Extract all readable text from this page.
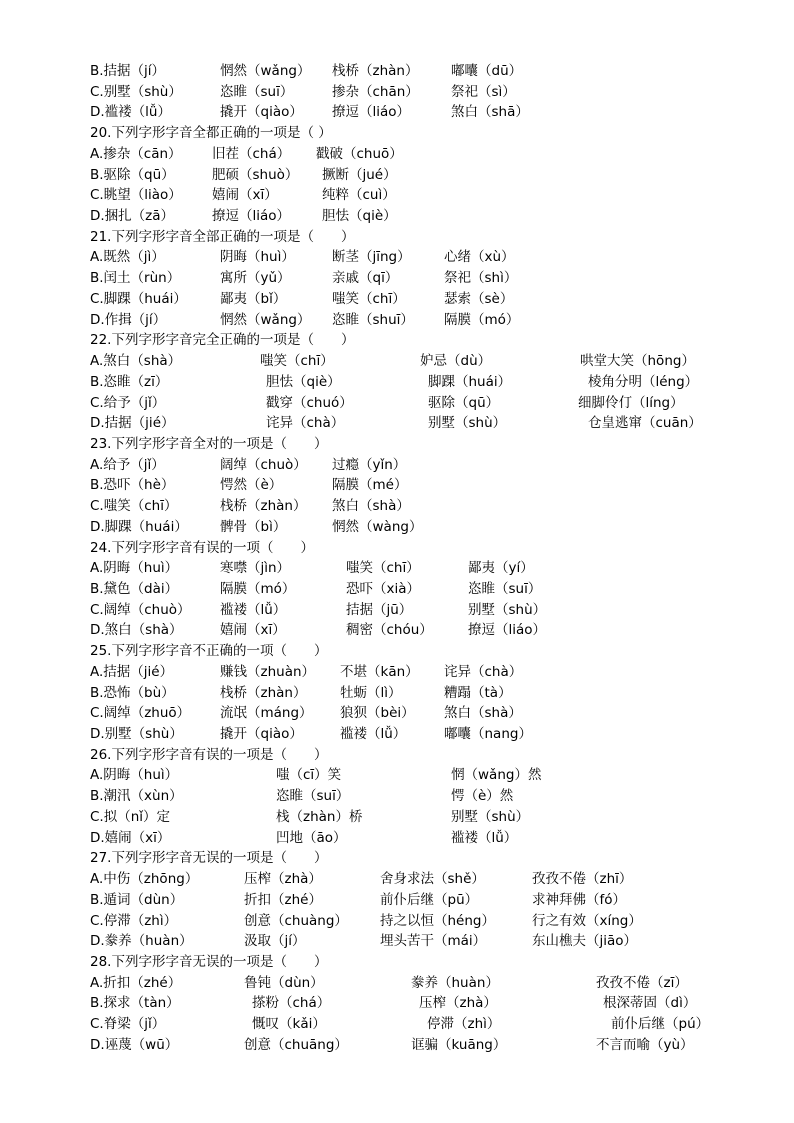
B.拮据（jí）	惘然（wǎng） 栈桥（zhàn） 嘟囔（dū）
C.别墅（shù）	恣睢（suī）	掺杂（chān） 祭祀（sì）
D.褴褛（lǚ）	撬开（qiào） 撩逗（liáo）	煞白（shā）
20.下列字形字音全都正确的一项是（ ）
A.掺杂（cān） 旧茬（chá） 戳破（chuō）
B.驱除（qū）	肥硕（shuò） 撅断（jué）
C.眺望（liào） 嬉闹（xī）	纯粹（cuì）
D.捆扎（zā）	撩逗（liáo） 胆怯（qiè）
21.下列字形字音全部正确的一项是（　　）
A.既然（jì）	阴晦（huì）	断茎（jīng） 心绪（xù）
B.闰土（rùn）	寓所（yǔ）	亲戚（qī）	祭祀（shì）
C.脚踝（huái） 鄙夷（bǐ）	嗤笑（chī）	瑟索（sè）
D.作揖（jí）	惘然（wǎng） 恣睢（shuī） 隔膜（mó）
22.下列字形字音完全正确的一项是（　　）
A.煞白（shà）	嗤笑（chī）	妒忌（dù）	哄堂大笑（hōng）
B.恣睢（zī）	胆怯（qiè）	脚踝（huái）	棱角分明（léng）
C.给予（jǐ）	戳穿（chuó）	驱除（qū）	细脚伶仃（líng）
D.拮据（jié）	诧异（chà）	别墅（shù）	仓皇逃窜（cuān）
23.下列字形字音全对的一项是（　　）
A.给予（jǐ）	阔绰（chuò） 过瘾（yǐn）
B.恐吓（hè）	愕然（è）	隔膜（mé）
C.嗤笑（chī）	栈桥（zhàn） 煞白（shà）
D.脚踝（huái） 髀骨（bì）	惘然（wàng）
24.下列字形字音有误的一项（　　）
A.阴晦（huì）	寒噤（jìn）	嗤笑（chī）	鄙夷（yí）
B.黛色（dài）	隔膜（mó）	恐吓（xià）	恣睢（suī）
C.阔绰（chuò） 褴褛（lǚ）	拮据（jū）	别墅（shù）
D.煞白（shà）	嬉闹（xī）	稠密（chóu）	撩逗（liáo）
25.下列字形字音不正确的一项（　　）
A.拮据（jié）	赚钱（zhuàn） 不堪（kān） 诧异（chà）
B.恐怖（bù）	栈桥（zhàn） 牡蛎（lì）	糟蹋（tà）
C.阔绰（zhuō） 流氓（máng） 狼狈（bèi） 煞白（shà）
D.别墅（shù）	撬开（qiào）	褴褛（lǚ）	嘟囔（nang）
26.下列字形字音有误的一项是（　　）
A.阴晦（huì）	嗤（cī）笑	惘（wǎng）然
B.潮汛（xùn）	恣睢（suī）	愕（è）然
C.拟（nǐ）定	栈（zhàn）桥	别墅（shù）
D.嬉闹（xī）	凹地（āo）	褴褛（lǚ）
27.下列字形字音无误的一项是（　　）
A.中伤（zhōng）	压榨（zhà）	舍身求法（shě）	孜孜不倦（zhī）
B.遁词（dùn）	折扣（zhé）	前仆后继（pū）	求神拜佛（fó）
C.停滞（zhì）	创意（chuàng） 持之以恒（héng）	行之有效（xíng）
D.豢养（huàn）	汲取（jí）	埋头苦干（mái）	东山樵夫（jiāo）
28.下列字形字音无误的一项是（　　）
A.折扣（zhé）	鲁钝（dùn）	豢养（huàn）	孜孜不倦（zī）
B.探求（tàn）	搽粉（chá）	压榨（zhà）	根深蒂固（dì）
C.脊梁（jǐ）	慨叹（kǎi）	停滞（zhì）	前仆后继（pú）
D.诬蔑（wū）	创意（chuāng）	诓骗（kuāng）	不言而喻（yù）
